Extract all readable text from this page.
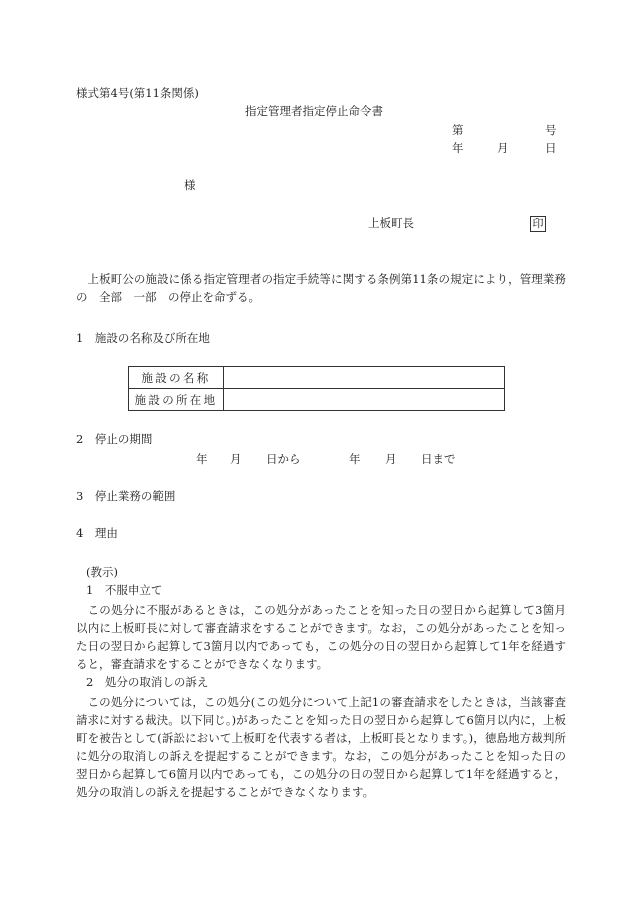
様式第4号(第11条関係)
指定管理者指定停止命令書
第	号
年	月	日
様
上板町長	印
上板町公の施設に係る指定管理者の指定手続等に関する条例第11条の規定により，管理業務の　全部　一部　の停止を命ずる。
1　施設の名称及び所在地
施設の名称	
施設の所在地	
2　停止の期間
年 月 日から	年 月 日まで
3　停止業務の範囲
4　理由
(教示)
1　不服申立て
この処分に不服があるときは，この処分があったことを知った日の翌日から起算して3箇月以内に上板町長に対して審査請求をすることができます。なお，この処分があったことを知った日の翌日から起算して3箇月以内であっても，この処分の日の翌日から起算して1年を経過すると，審査請求をすることができなくなります。
2　処分の取消しの訴え
この処分については，この処分(この処分について上記1の審査請求をしたときは，当該審査請求に対する裁決。以下同じ。)があったことを知った日の翌日から起算して6箇月以内に，上板町を被告として(訴訟において上板町を代表する者は，上板町長となります。)，徳島地方裁判所に処分の取消しの訴えを提起することができます。なお，この処分があったことを知った日の翌日から起算して6箇月以内であっても，この処分の日の翌日から起算して1年を経過すると，処分の取消しの訴えを提起することができなくなります。
